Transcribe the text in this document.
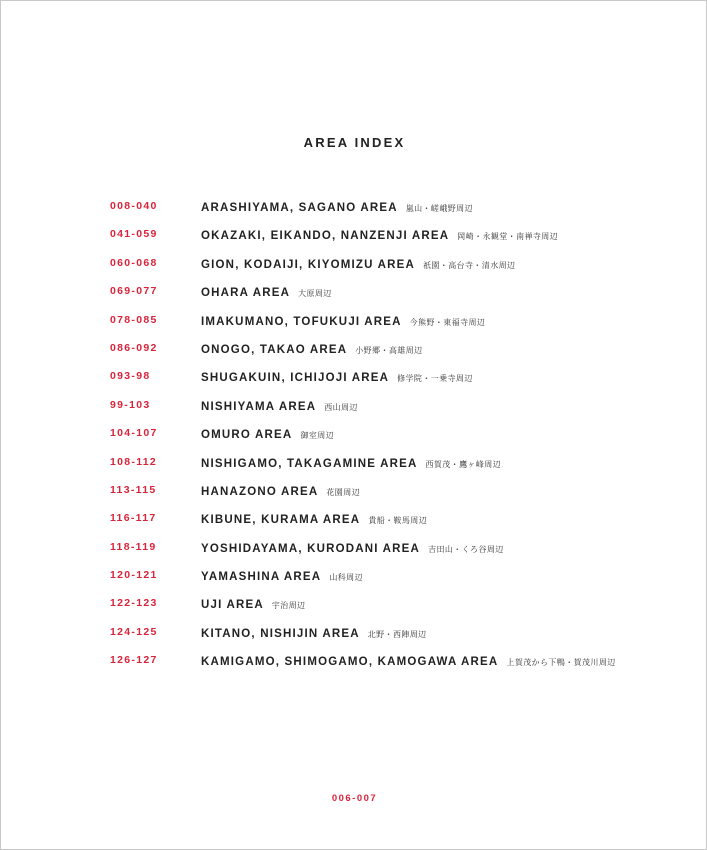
AREA INDEX
008-040	ARASHIYAMA, SAGANO AREA 嵐山・嵯峨野周辺
041-059	OKAZAKI, EIKANDO, NANZENJI AREA 岡崎・永観堂・南禅寺周辺
060-068	GION, KODAIJI, KIYOMIZU AREA 祇園・高台寺・清水周辺
069-077	OHARA AREA 大原周辺
078-085	IMAKUMANO, TOFUKUJI AREA 今熊野・東福寺周辺
086-092	ONOGO, TAKAO AREA 小野郷・高雄周辺
093-98	SHUGAKUIN, ICHIJOJI AREA 修学院・一乗寺周辺
99-103	NISHIYAMA AREA 西山周辺
104-107	OMURO AREA 御室周辺
108-112	NISHIGAMO, TAKAGAMINE AREA 西賀茂・鷹ヶ峰周辺
113-115	HANAZONO AREA 花園周辺
116-117	KIBUNE, KURAMA AREA 貴船・鞍馬周辺
118-119	YOSHIDAYAMA, KURODANI AREA 吉田山・くろ谷周辺
120-121	YAMASHINA AREA 山科周辺
122-123	UJI AREA 宇治周辺
124-125	KITANO, NISHIJIN AREA 北野・西陣周辺
126-127	KAMIGAMO, SHIMOGAMO, KAMOGAWA AREA 上賀茂から下鴨・賀茂川周辺
006-007
